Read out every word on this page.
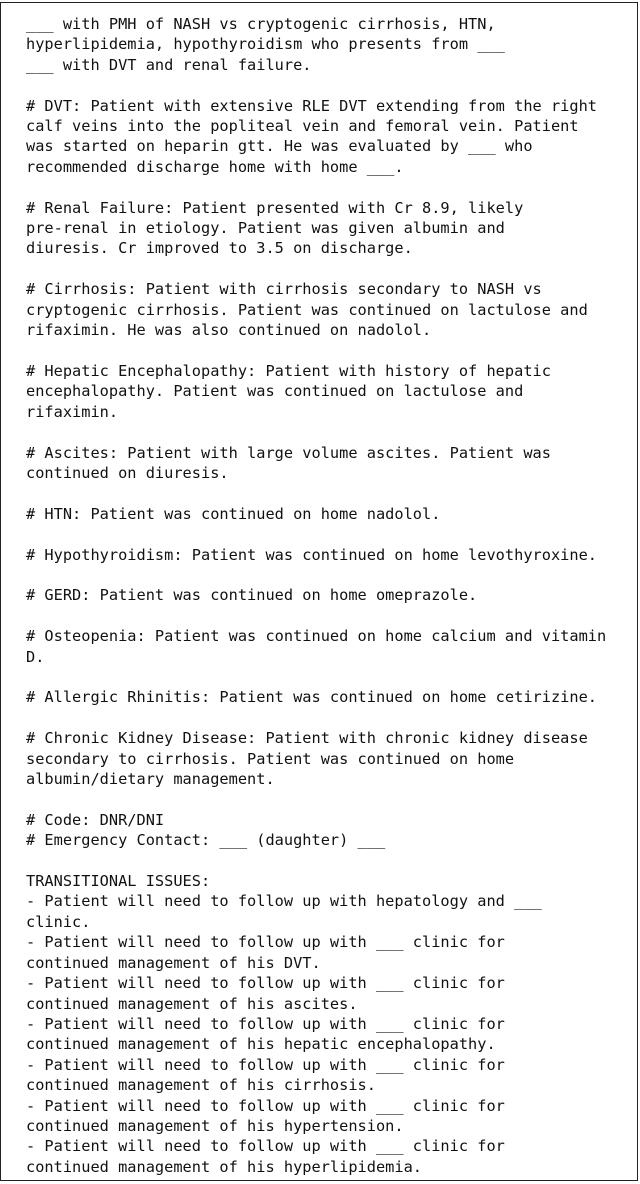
___ with PMH of NASH vs cryptogenic cirrhosis, HTN,
hyperlipidemia, hypothyroidism who presents from ___
___ with DVT and renal failure.
# DVT: Patient with extensive RLE DVT extending from the right
calf veins into the popliteal vein and femoral vein. Patient
was started on heparin gtt. He was evaluated by ___ who
recommended discharge home with home ___.
# Renal Failure: Patient presented with Cr 8.9, likely
pre-renal in etiology. Patient was given albumin and
diuresis. Cr improved to 3.5 on discharge.
# Cirrhosis: Patient with cirrhosis secondary to NASH vs
cryptogenic cirrhosis. Patient was continued on lactulose and
rifaximin. He was also continued on nadolol.
# Hepatic Encephalopathy: Patient with history of hepatic
encephalopathy. Patient was continued on lactulose and
rifaximin.
# Ascites: Patient with large volume ascites. Patient was
continued on diuresis.
# HTN: Patient was continued on home nadolol.
# Hypothyroidism: Patient was continued on home levothyroxine.
# GERD: Patient was continued on home omeprazole.
# Osteopenia: Patient was continued on home calcium and vitamin
D.
# Allergic Rhinitis: Patient was continued on home cetirizine.
# Chronic Kidney Disease: Patient with chronic kidney disease
secondary to cirrhosis. Patient was continued on home
albumin/dietary management.
# Code: DNR/DNI
# Emergency Contact: ___ (daughter) ___
TRANSITIONAL ISSUES:
- Patient will need to follow up with hepatology and ___
clinic.
- Patient will need to follow up with ___ clinic for
continued management of his DVT.
- Patient will need to follow up with ___ clinic for
continued management of his ascites.
- Patient will need to follow up with ___ clinic for
continued management of his hepatic encephalopathy.
- Patient will need to follow up with ___ clinic for
continued management of his cirrhosis.
- Patient will need to follow up with ___ clinic for
continued management of his hypertension.
- Patient will need to follow up with ___ clinic for
continued management of his hyperlipidemia.
